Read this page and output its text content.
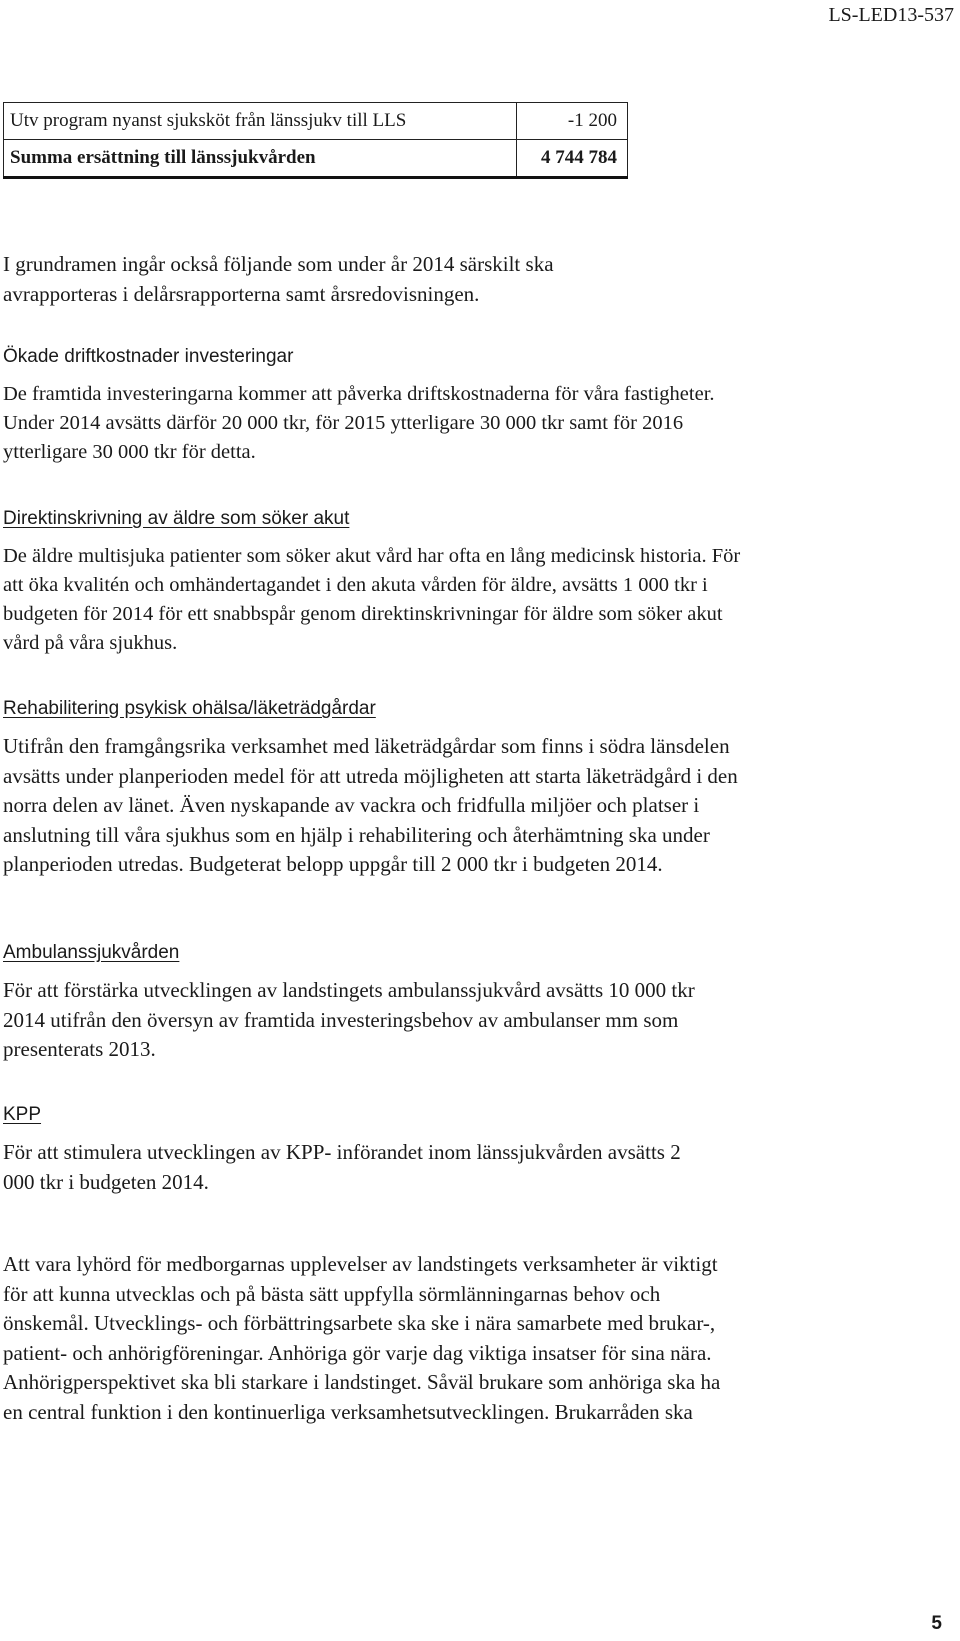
LS-LED13-537
Utv program nyanst sjuksköt från länssjukv till LLS	-1 200
Summa ersättning till länssjukvården	4 744 784

I grundramen ingår också följande som under år 2014 särskilt ska avrapporteras i delårsrapporterna samt årsredovisningen.

Ökade driftkostnader investeringar

De framtida investeringarna kommer att påverka driftskostnaderna för våra fastigheter. Under 2014 avsätts därför 20 000 tkr, för 2015 ytterligare 30 000 tkr samt för 2016 ytterligare 30 000 tkr för detta.

Direktinskrivning av äldre som söker akut

De äldre multisjuka patienter som söker akut vård har ofta en lång medicinsk historia. För att öka kvalitén och omhändertagandet i den akuta vården för äldre, avsätts 1 000 tkr i budgeten för 2014 för ett snabbspår genom direktinskrivningar för äldre som söker akut vård på våra sjukhus.

Rehabilitering psykisk ohälsa/läketrädgårdar

Utifrån den framgångsrika verksamhet med läketrädgårdar som finns i södra länsdelen avsätts under planperioden medel för att utreda möjligheten att starta läketrädgård i den norra delen av länet. Även nyskapande av vackra och fridfulla miljöer och platser i anslutning till våra sjukhus som en hjälp i rehabilitering och återhämtning ska under planperioden utredas. Budgeterat belopp uppgår till 2 000 tkr i budgeten 2014.

Ambulanssjukvården

För att förstärka utvecklingen av landstingets ambulanssjukvård avsätts 10 000 tkr 2014 utifrån den översyn av framtida investeringsbehov av ambulanser mm som presenterats 2013.

KPP

För att stimulera utvecklingen av KPP- införandet inom länssjukvården avsätts 2 000 tkr i budgeten 2014.

Att vara lyhörd för medborgarnas upplevelser av landstingets verksamheter är viktigt för att kunna utvecklas och på bästa sätt uppfylla sörmlänningarnas behov och önskemål. Utvecklings- och förbättringsarbete ska ske i nära samarbete med brukar-, patient- och anhörigföreningar. Anhöriga gör varje dag viktiga insatser för sina nära. Anhörigperspektivet ska bli starkare i landstinget. Såväl brukare som anhöriga ska ha en central funktion i den kontinuerliga verksamhetsutvecklingen. Brukarråden ska

5
